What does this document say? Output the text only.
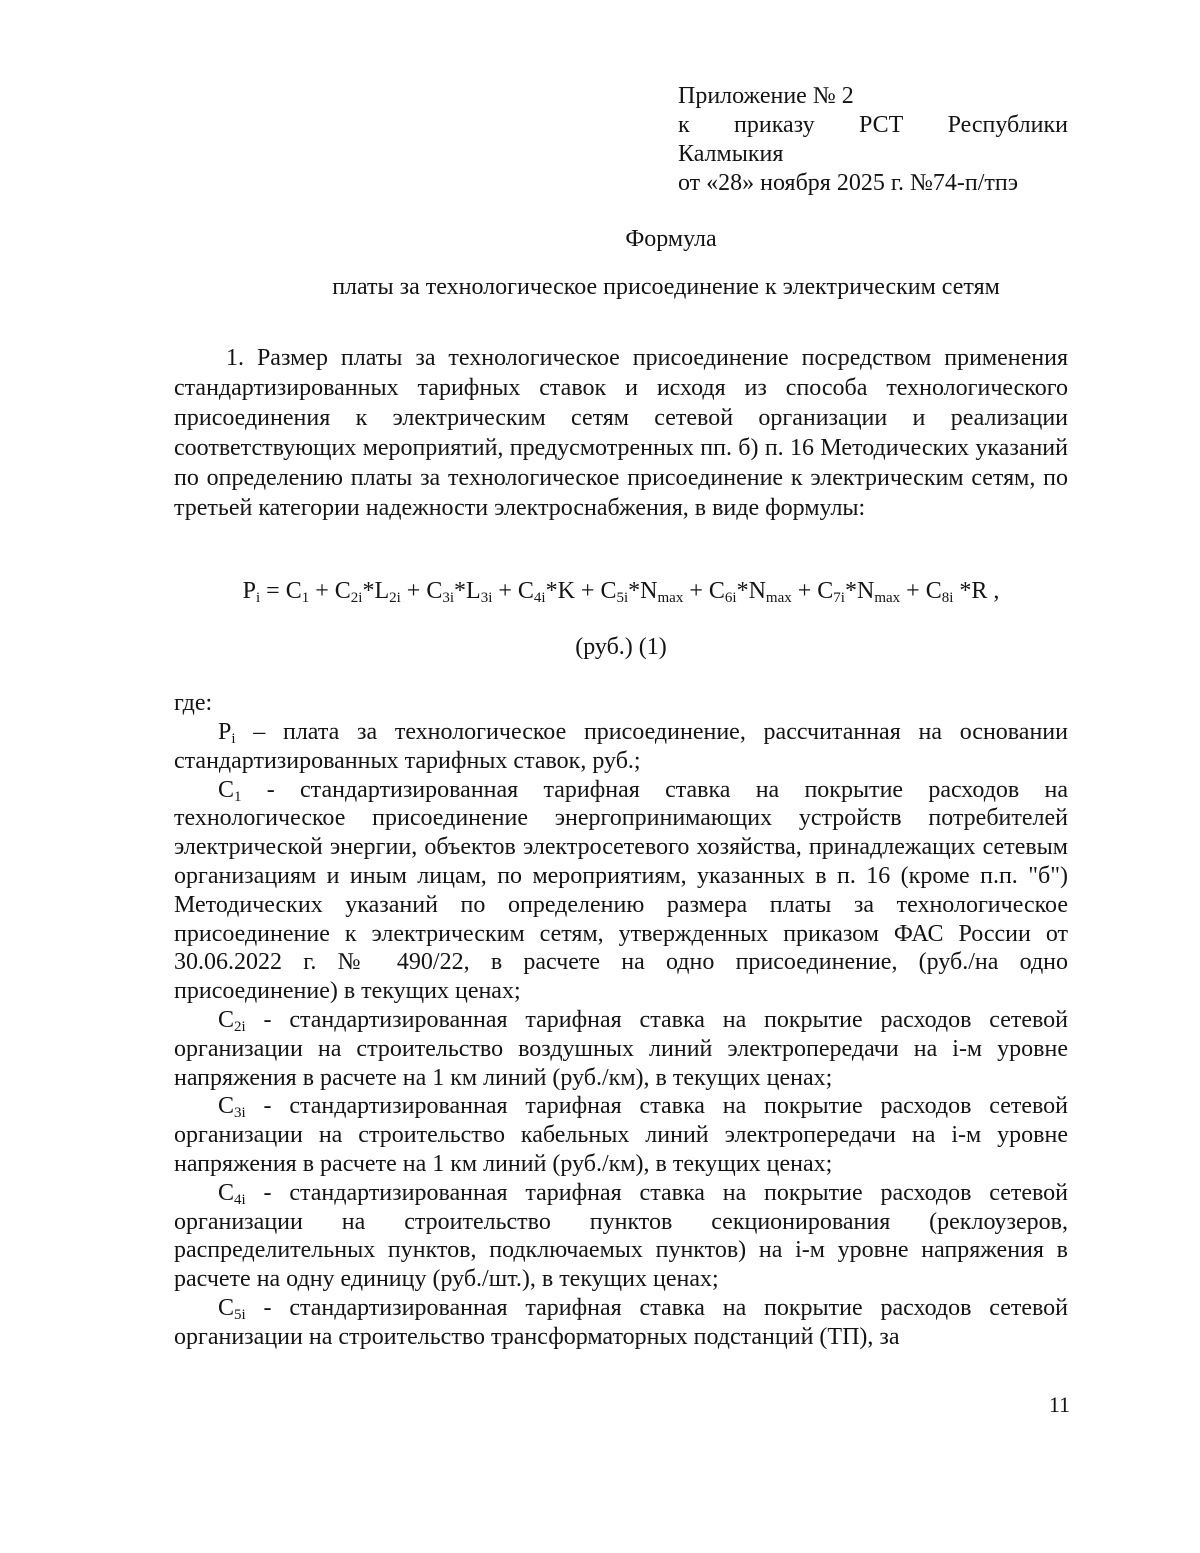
Приложение № 2
к приказу РСТ Республики
Калмыкия
от «28» ноября 2025 г. №74-п/тпэ
Формула
платы за технологическое присоединение к электрическим сетям
1. Размер платы за технологическое присоединение посредством применения стандартизированных тарифных ставок и исходя из способа технологического присоединения к электрическим сетям сетевой организации и реализации соответствующих мероприятий, предусмотренных пп. б) п. 16 Методических указаний по определению платы за технологическое присоединение к электрическим сетям, по третьей категории надежности электроснабжения, в виде формулы:
$P_i = C_1 + C_{2i}*L_{2i} + C_{3i}*L_{3i} + C_{4i}*K + C_{5i}*N_{max} + C_{6i}*N_{max} + C_{7i}*N_{max} + C_{8i}$ *R ,
(руб.) (1)
где:

$P_i$ – плата за технологическое присоединение, рассчитанная на основании стандартизированных тарифных ставок, руб.;

$C_1$ - стандартизированная тарифная ставка на покрытие расходов на технологическое присоединение энергопринимающих устройств потребителей электрической энергии, объектов электросетевого хозяйства, принадлежащих сетевым организациям и иным лицам, по мероприятиям, указанных в п. 16 (кроме п.п. "б") Методических указаний по определению размера платы за технологическое присоединение к электрическим сетям, утвержденных приказом ФАС России от 30.06.2022 г. № 490/22, в расчете на одно присоединение, (руб./на одно присоединение) в текущих ценах;

$C_{2i}$ - стандартизированная тарифная ставка на покрытие расходов сетевой организации на строительство воздушных линий электропередачи на i-м уровне напряжения в расчете на 1 км линий (руб./км), в текущих ценах;

$C_{3i}$ - стандартизированная тарифная ставка на покрытие расходов сетевой организации на строительство кабельных линий электропередачи на i-м уровне напряжения в расчете на 1 км линий (руб./км), в текущих ценах;

$C_{4i}$ - стандартизированная тарифная ставка на покрытие расходов сетевой организации на строительство пунктов секционирования (реклоузеров, распределительных пунктов, подключаемых пунктов) на i-м уровне напряжения в расчете на одну единицу (руб./шт.), в текущих ценах;

$C_{5i}$ - стандартизированная тарифная ставка на покрытие расходов сетевой организации на строительство трансформаторных подстанций (ТП), за

11
